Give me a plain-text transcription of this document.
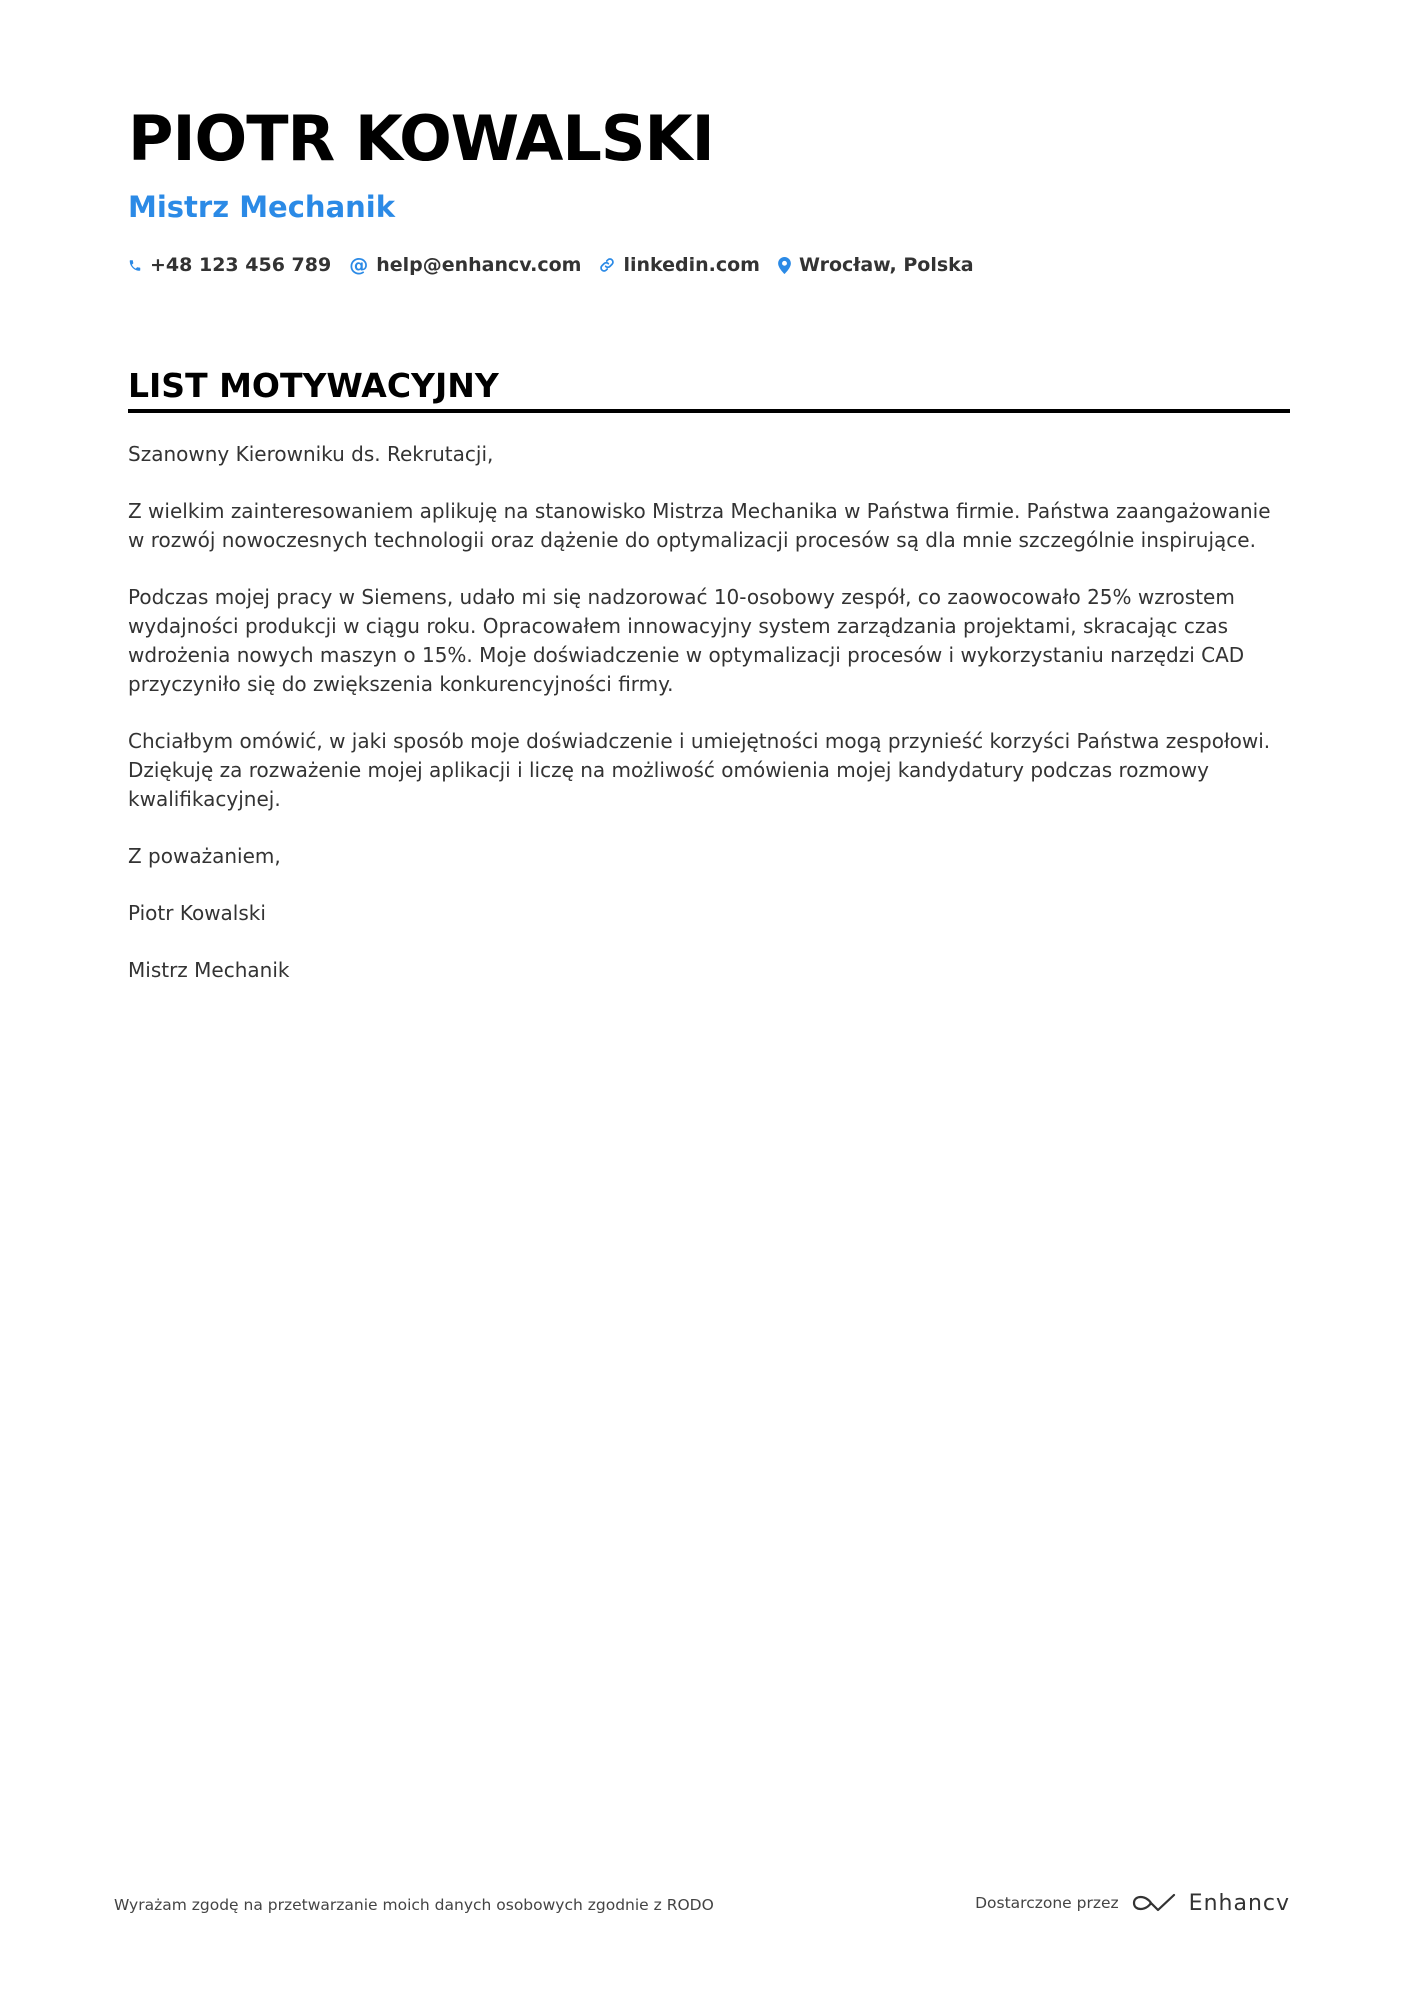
PIOTR KOWALSKI
Mistrz Mechanik
+48 123 456 789 @ help@enhancv.com linkedin.com Wrocław, Polska
LIST MOTYWACYJNY

Szanowny Kierowniku ds. Rekrutacji,

Z wielkim zainteresowaniem aplikuję na stanowisko Mistrza Mechanika w Państwa firmie. Państwa zaangażowanie w rozwój nowoczesnych technologii oraz dążenie do optymalizacji procesów są dla mnie szczególnie inspirujące.

Podczas mojej pracy w Siemens, udało mi się nadzorować 10-osobowy zespół, co zaowocowało 25% wzrostem wydajności produkcji w ciągu roku. Opracowałem innowacyjny system zarządzania projektami, skracając czas wdrożenia nowych maszyn o 15%. Moje doświadczenie w optymalizacji procesów i wykorzystaniu narzędzi CAD przyczyniło się do zwiększenia konkurencyjności firmy.

Chciałbym omówić, w jaki sposób moje doświadczenie i umiejętności mogą przynieść korzyści Państwa zespołowi. Dziękuję za rozważenie mojej aplikacji i liczę na możliwość omówienia mojej kandydatury podczas rozmowy kwalifikacyjnej.

Z poważaniem,

Piotr Kowalski

Mistrz Mechanik

Wyrażam zgodę na przetwarzanie moich danych osobowych zgodnie z RODO	Dostarczone przez	Enhancv
